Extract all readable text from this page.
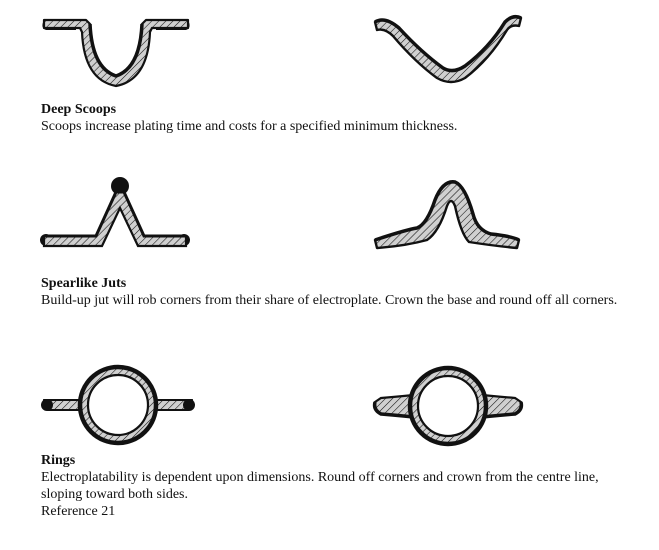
Deep Scoops
Scoops increase plating time and costs for a specified minimum thickness.
Spearlike Juts
Build-up jut will rob corners from their share of electroplate. Crown the base and round off all corners.
Rings
Electroplatability is dependent upon dimensions. Round off corners and crown from the centre line, sloping toward both sides.
Reference 21
